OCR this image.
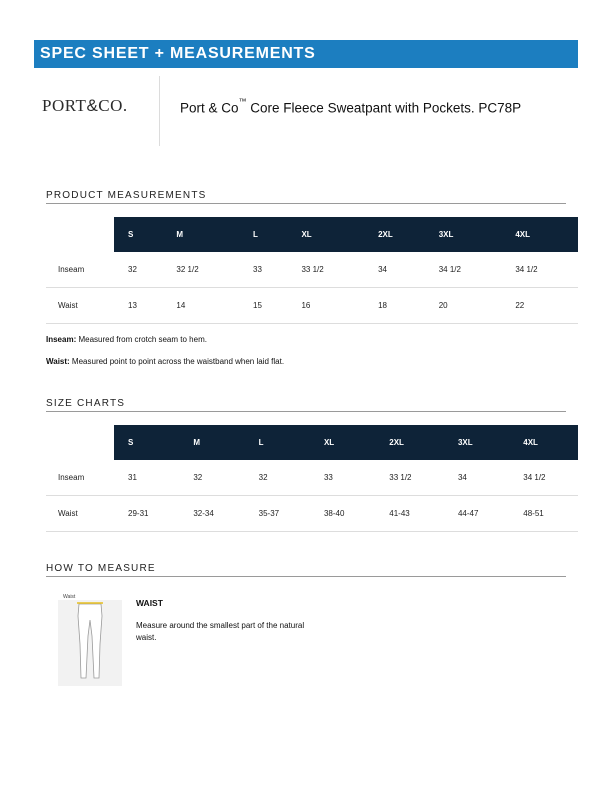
SPEC SHEET + MEASUREMENTS
PORT&CO.	Port & Co™ Core Fleece Sweatpant with Pockets. PC78P
PRODUCT MEASUREMENTS
	S	M	L	XL	2XL	3XL	4XL
Inseam	32	32 1/2	33	33 1/2	34	34 1/2	34 1/2
Waist	13	14	15	16	18	20	22
Inseam: Measured from crotch seam to hem.
Waist: Measured point to point across the waistband when laid flat.
SIZE CHARTS
	S	M	L	XL	2XL	3XL	4XL
Inseam	31	32	32	33	33 1/2	34	34 1/2
Waist	29-31	32-34	35-37	38-40	41-43	44-47	48-51
HOW TO MEASURE
Waist
WAIST
Measure around the smallest part of the natural waist.
